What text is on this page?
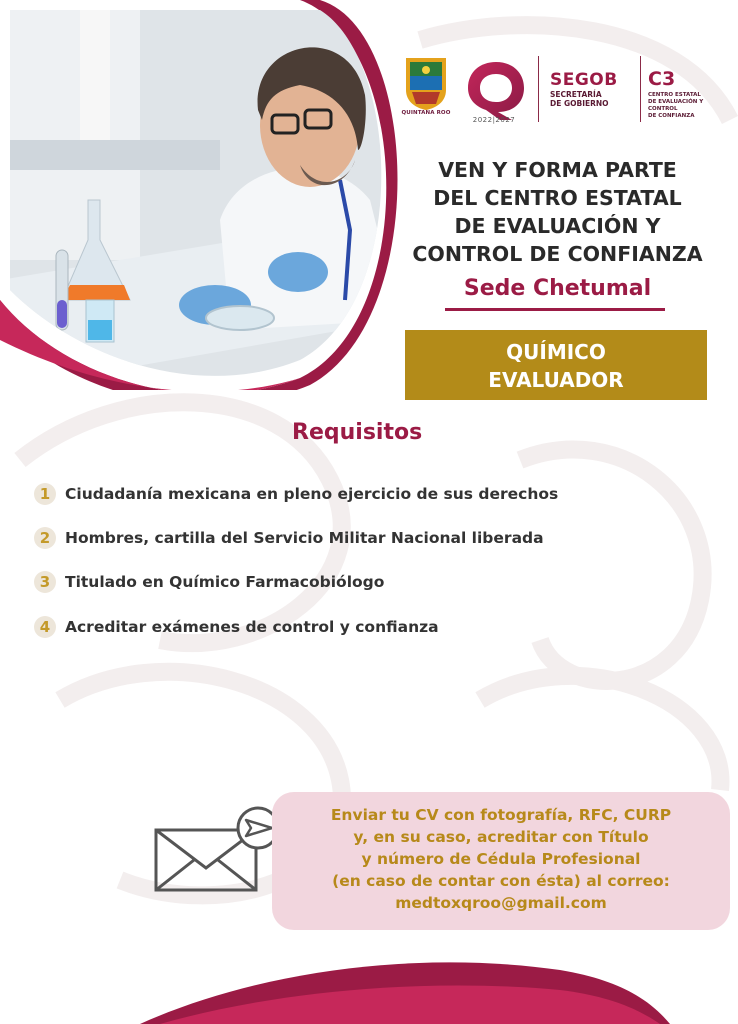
QUINTANA ROO
2022|2027
SEGOB
SECRETARÍA
DE GOBIERNO
C3
CENTRO ESTATAL
DE EVALUACIÓN Y CONTROL
DE CONFIANZA
VEN Y FORMA PARTE
DEL CENTRO ESTATAL
DE EVALUACIÓN Y
CONTROL DE CONFIANZA
Sede Chetumal
QUÍMICO
EVALUADOR
Requisitos
1 Ciudadanía mexicana en pleno ejercicio de sus derechos
2 Hombres, cartilla del Servicio Militar Nacional liberada
3 Titulado en Químico Farmacobiólogo
4 Acreditar exámenes de control y confianza
Enviar tu CV con fotografía, RFC, CURP
y, en su caso, acreditar con Título
y número de Cédula Profesional
(en caso de contar con ésta) al correo:
medtoxqroo@gmail.com
